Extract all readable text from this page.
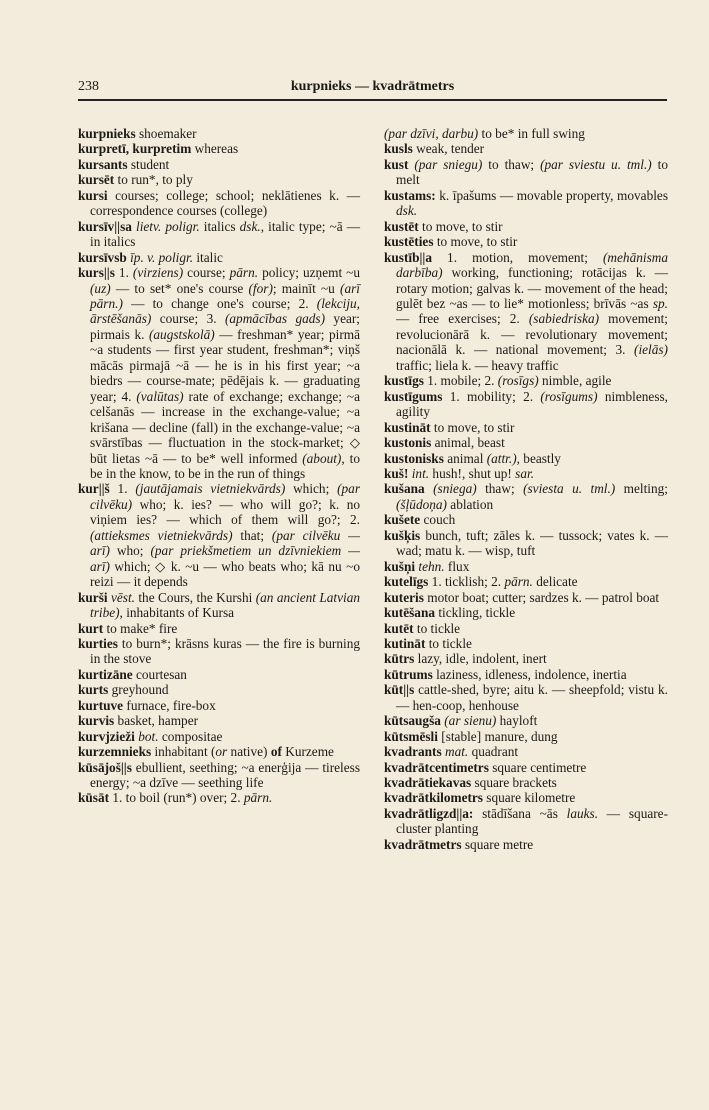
238	kurpnieks — kvadrātmetrs

kurpnieks shoemaker

kurpretī, kurpretim whereas

kursants student

kursēt to run*, to ply

kursi courses; college; school; neklātienes k. — correspondence courses (college)

kursīv||sa lietv. poligr. italics dsk., italic type; ~ā — in italics

kursīvsb īp. v. poligr. italic

kurs||s 1. (virziens) course; pārn. policy; uzņemt ~u (uz) — to set* one's course (for); mainīt ~u (arī pārn.) — to change one's course; 2. (lekciju, ārstēšanās) course; 3. (apmācības gads) year; pirmais k. (augstskolā) — freshman* year; pirmā ~a students — first year student, freshman*; viņš mācās pirmajā ~ā — he is in his first year; ~a biedrs — course-mate; pēdējais k. — graduating year; 4. (valūtas) rate of exchange; exchange; ~a celšanās — increase in the exchange-value; ~a krišana — decline (fall) in the exchange-value; ~a svārstības — fluctuation in the stock-market; ◇ būt lietas ~ā — to be* well informed (about), to be in the know, to be in the run of things

kur||š 1. (jautājamais vietniekvārds) which; (par cilvēku) who; k. ies? — who will go?; k. no viņiem ies? — which of them will go?; 2. (attieksmes vietniekvārds) that; (par cilvēku — arī) who; (par priekšmetiem un dzīvniekiem — arī) which; ◇ k. ~u — who beats who; kā nu ~o reizi — it depends

kurši vēst. the Cours, the Kurshi (an ancient Latvian tribe), inhabitants of Kursa

kurt to make* fire

kurties to burn*; krāsns kuras — the fire is burning in the stove

kurtizāne courtesan

kurts greyhound

kurtuve furnace, fire-box

kurvis basket, hamper

kurvjzieži bot. compositae

kurzemnieks inhabitant (or native) of Kurzeme

kūsājoš||s ebullient, seething; ~a enerģija — tireless energy; ~a dzīve — seething life

kūsāt 1. to boil (run*) over; 2. pārn.

(par dzīvi, darbu) to be* in full swing

kusls weak, tender

kust (par sniegu) to thaw; (par sviestu u. tml.) to melt

kustams: k. īpašums — movable property, movables dsk.

kustēt to move, to stir

kustēties to move, to stir

kustīb||a 1. motion, movement; (mehānisma darbība) working, functioning; rotācijas k. — rotary motion; galvas k. — movement of the head; gulēt bez ~as — to lie* motionless; brīvās ~as sp. — free exercises; 2. (sabiedriska) movement; revolucionārā k. — revolutionary movement; nacionālā k. — national movement; 3. (ielās) traffic; liela k. — heavy traffic

kustīgs 1. mobile; 2. (rosīgs) nimble, agile

kustīgums 1. mobility; 2. (rosīgums) nimbleness, agility

kustināt to move, to stir

kustonis animal, beast

kustonisks animal (attr.), beastly

kuš! int. hush!, shut up! sar.

kušana (sniega) thaw; (sviesta u. tml.) melting; (šļūdoņa) ablation

kušete couch

kušķis bunch, tuft; zāles k. — tussock; vates k. — wad; matu k. — wisp, tuft

kušņi tehn. flux

kutelīgs 1. ticklish; 2. pārn. delicate

kuteris motor boat; cutter; sardzes k. — patrol boat

kutēšana tickling, tickle

kutēt to tickle

kutināt to tickle

kūtrs lazy, idle, indolent, inert

kūtrums laziness, idleness, indolence, inertia

kūt||s cattle-shed, byre; aitu k. — sheepfold; vistu k. — hen-coop, henhouse

kūtsaugša (ar sienu) hayloft

kūtsmēsli [stable] manure, dung

kvadrants mat. quadrant

kvadrātcentimetrs square centimetre

kvadrātiekavas square brackets

kvadrātkilometrs square kilometre

kvadrātligzd||a: stādīšana ~ās lauks. — square-cluster planting

kvadrātmetrs square metre
